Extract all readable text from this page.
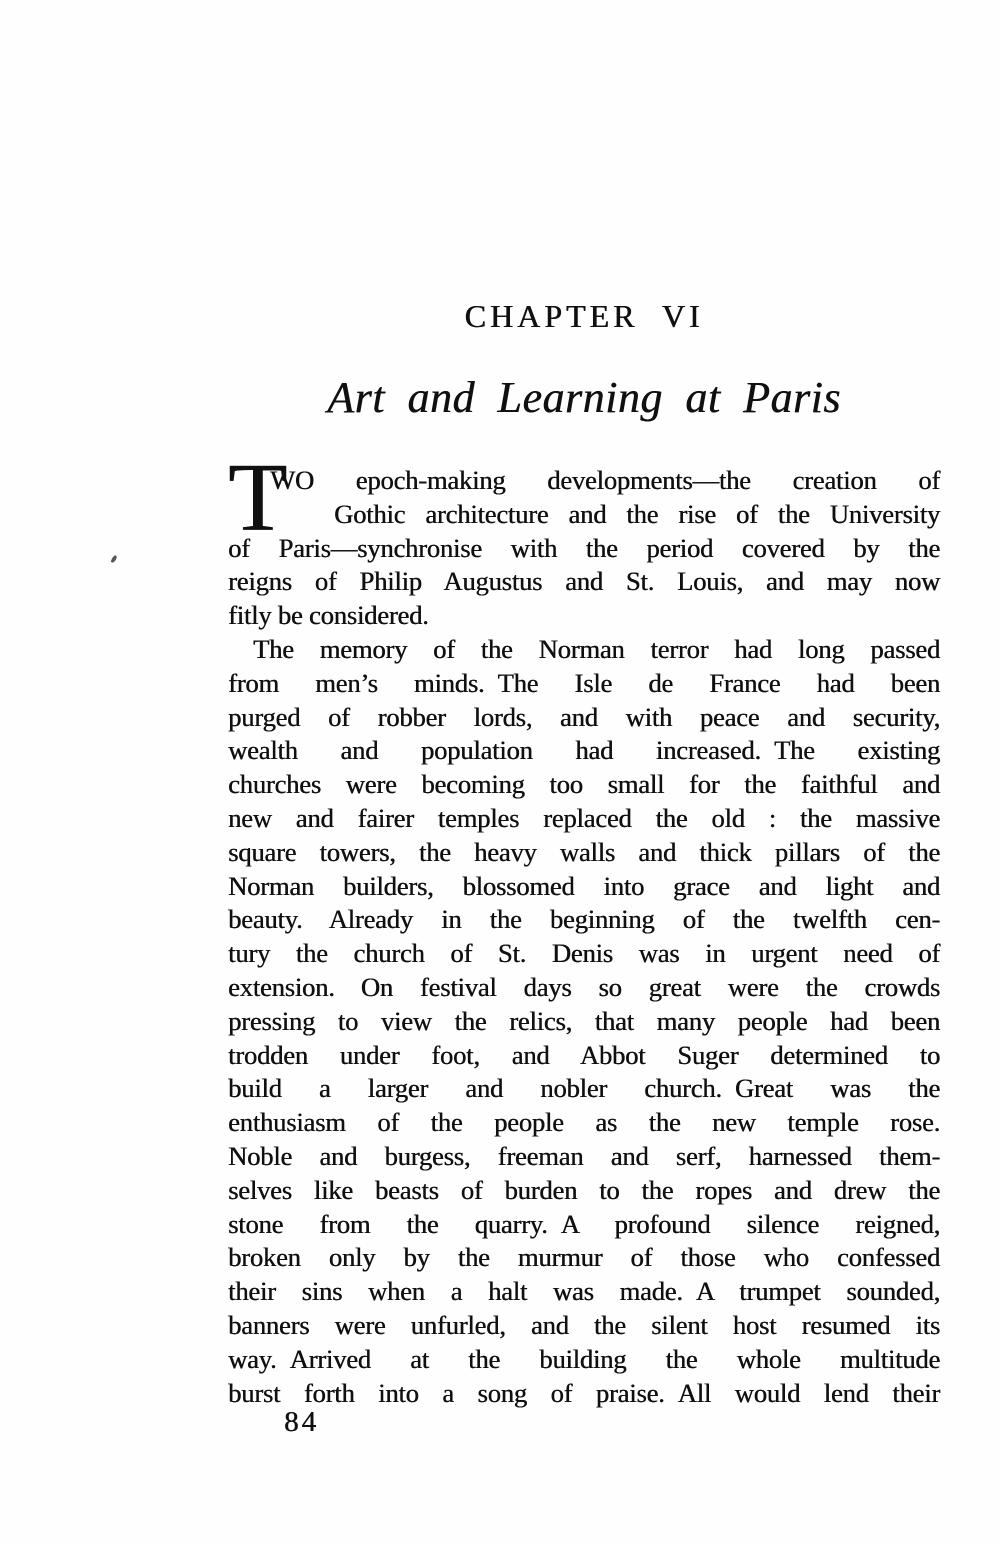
CHAPTER VI
Art and Learning at Paris
T
WO epoch-making developments—the creation of
Gothic architecture and the rise of the University
of Paris—synchronise with the period covered by the
reigns of Philip Augustus and St. Louis, and may now
fitly be considered.
The memory of the Norman terror had long passed
from men’s minds. The Isle de France had been
purged of robber lords, and with peace and security,
wealth and population had increased. The existing
churches were becoming too small for the faithful and
new and fairer temples replaced the old : the massive
square towers, the heavy walls and thick pillars of the
Norman builders, blossomed into grace and light and
beauty.  Already in the beginning of the twelfth cen-
tury the church of St. Denis was in urgent need of
extension.  On festival days so great were the crowds
pressing to view the relics, that many people had been
trodden under foot, and Abbot Suger determined to
build a larger and nobler church. Great was the
enthusiasm of the people as the new temple rose.
Noble and burgess, freeman and serf, harnessed them-
selves like beasts of burden to the ropes and drew the
stone from the quarry. A profound silence reigned,
broken only by the murmur of those who confessed
their sins when a halt was made. A trumpet sounded,
banners were unfurled, and the silent host resumed its
way. Arrived at the building the whole multitude
burst forth into a song of praise. All would lend their
84
